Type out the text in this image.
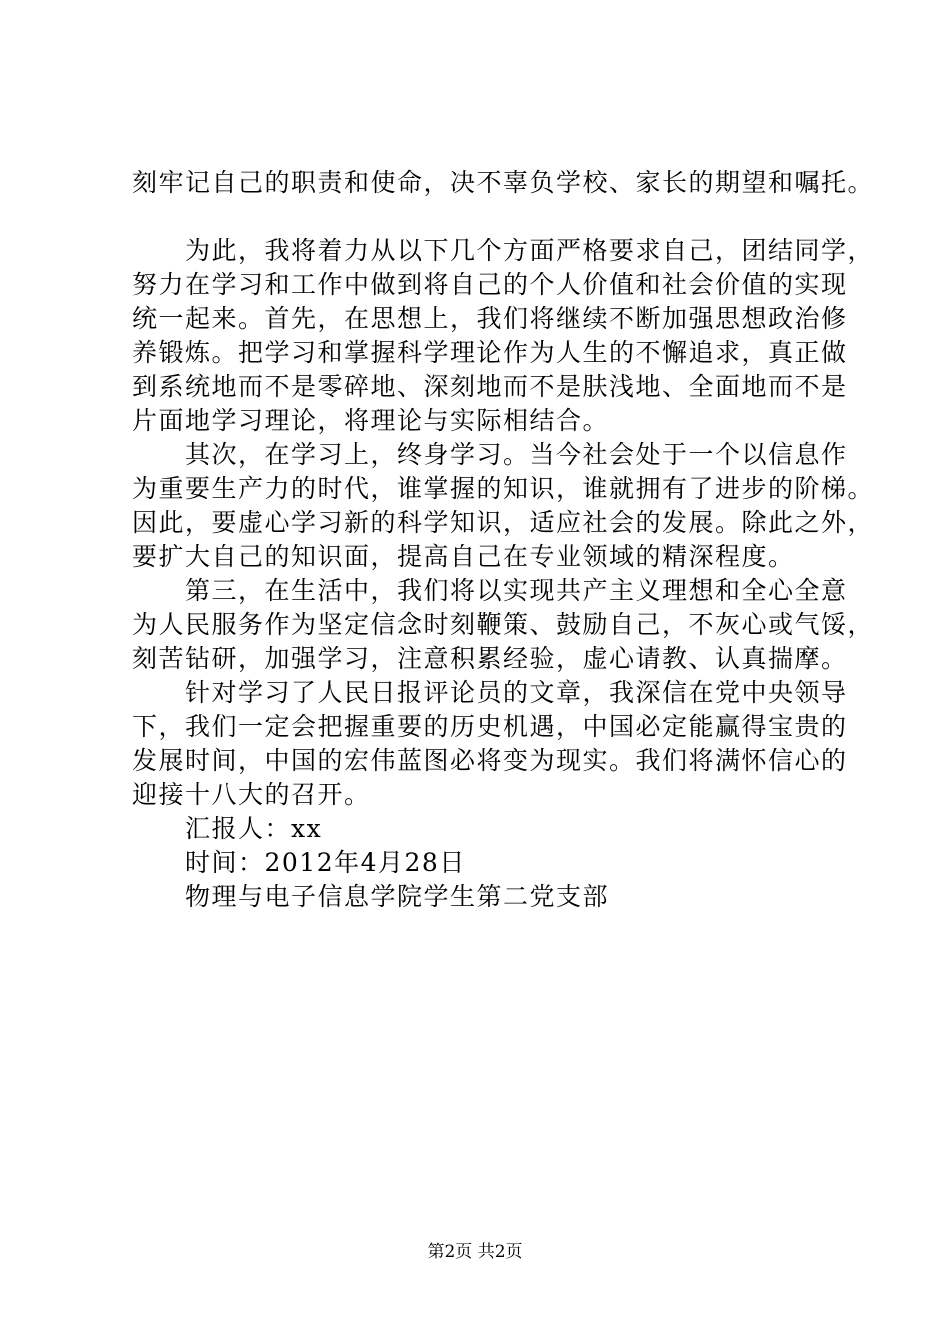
刻牢记自己的职责和使命，决不辜负学校、家长的期望和嘱托。
　　为此，我将着力从以下几个方面严格要求自己，团结同学，
努力在学习和工作中做到将自己的个人价值和社会价值的实现
统一起来。首先，在思想上，我们将继续不断加强思想政治修
养锻炼。把学习和掌握科学理论作为人生的不懈追求，真正做
到系统地而不是零碎地、深刻地而不是肤浅地、全面地而不是
片面地学习理论，将理论与实际相结合。
　　其次，在学习上，终身学习。当今社会处于一个以信息作
为重要生产力的时代，谁掌握的知识，谁就拥有了进步的阶梯。
因此，要虚心学习新的科学知识，适应社会的发展。除此之外，
要扩大自己的知识面，提高自己在专业领域的精深程度。
　　第三，在生活中，我们将以实现共产主义理想和全心全意
为人民服务作为坚定信念时刻鞭策、鼓励自己，不灰心或气馁，
刻苦钻研，加强学习，注意积累经验，虚心请教、认真揣摩。
　　针对学习了人民日报评论员的文章，我深信在党中央领导
下，我们一定会把握重要的历史机遇，中国必定能赢得宝贵的
发展时间，中国的宏伟蓝图必将变为现实。我们将满怀信心的
迎接十八大的召开。
　　汇报人：xx
　　时间：2012年4月28日
　　物理与电子信息学院学生第二党支部
第2页 共2页
